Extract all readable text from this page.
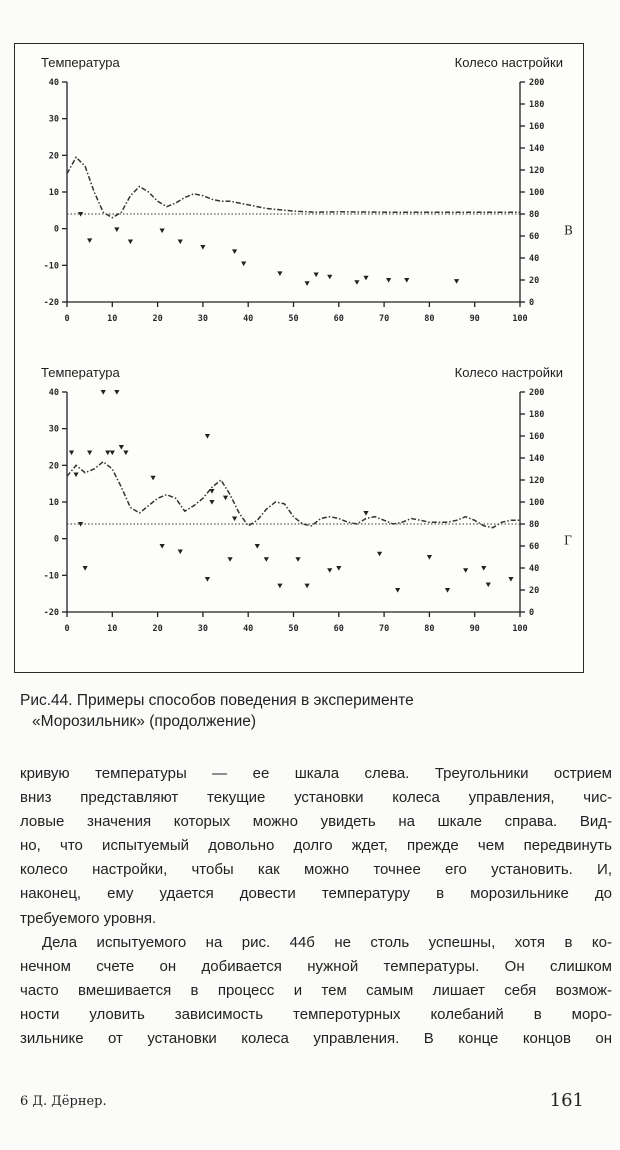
Температура	Колесо настройки
40
30
20
10
0
-10
-20
200
180
160
140
120
100
80
60
40
20
0
0	10	20	30	40	50	60	70	80	90	100
В
Температура	Колесо настройки
40
30
20
10
0
-10
-20
200
180
160
140
120
100
80
60
40
20
0
0	10	20	30	40	50	60	70	80	90	100
Г
Рис.44. Примеры способов поведения в эксперименте
«Морозильник» (продолжение)
кривую температуры — ее шкала слева. Треугольники острием
вниз представляют текущие установки колеса управления, чис-
ловые значения которых можно увидеть на шкале справа. Вид-
но, что испытуемый довольно долго ждет, прежде чем передвинуть
колесо настройки, чтобы как можно точнее его установить. И,
наконец, ему удается довести температуру в морозильнике до
требуемого уровня.
Дела испытуемого на рис. 44б не столь успешны, хотя в ко-
нечном счете он добивается нужной температуры. Он слишком
часто вмешивается в процесс и тем самым лишает себя возмож-
ности уловить зависимость темпеpотурных колебаний в моро-
зильнике от установки колеса управления. В конце концов он
6 Д. Дёрнер.	161
